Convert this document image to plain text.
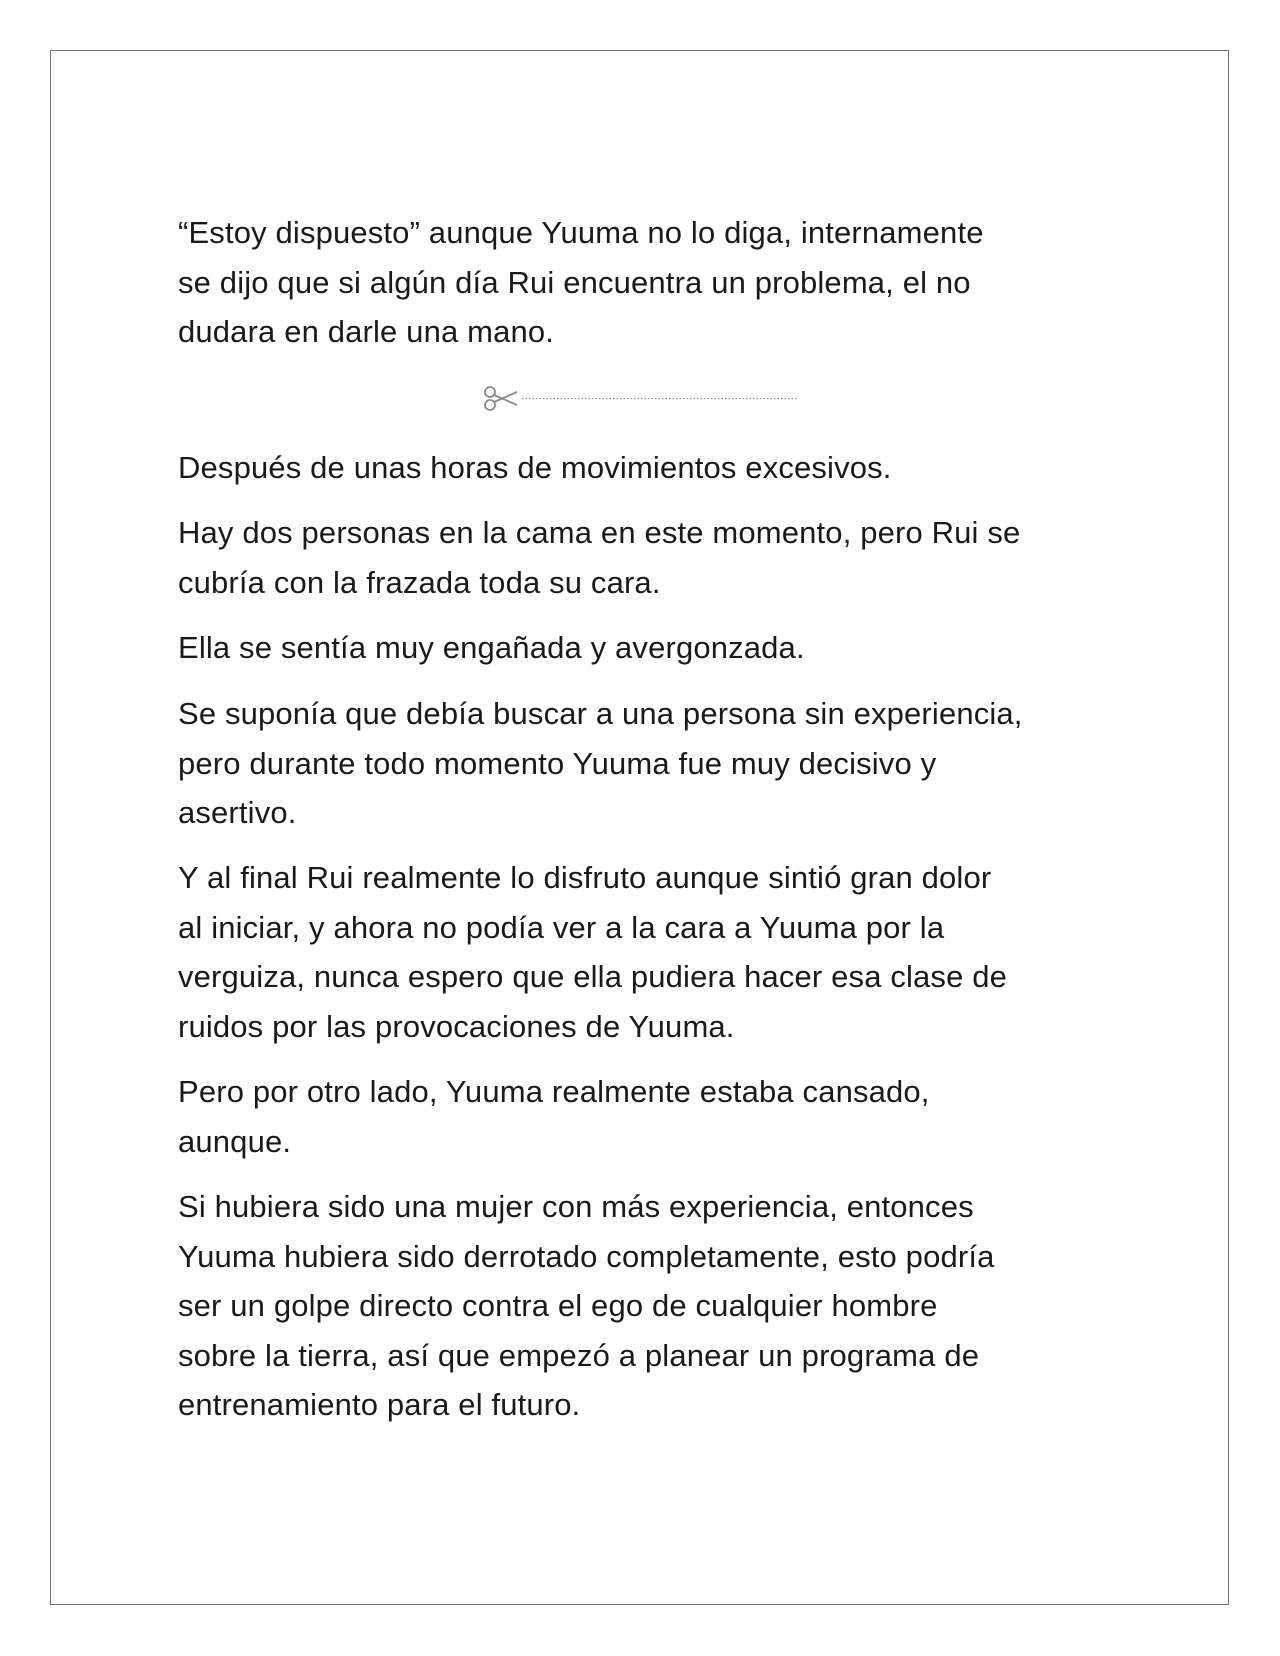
“Estoy dispuesto” aunque Yuuma no lo diga, internamente
se dijo que si algún día Rui encuentra un problema, el no
dudara en darle una mano.
Después de unas horas de movimientos excesivos.
Hay dos personas en la cama en este momento, pero Rui se
cubría con la frazada toda su cara.
Ella se sentía muy engañada y avergonzada.
Se suponía que debía buscar a una persona sin experiencia,
pero durante todo momento Yuuma fue muy decisivo y
asertivo.
Y al final Rui realmente lo disfruto aunque sintió gran dolor
al iniciar, y ahora no podía ver a la cara a Yuuma por la
verguiza, nunca espero que ella pudiera hacer esa clase de
ruidos por las provocaciones de Yuuma.
Pero por otro lado, Yuuma realmente estaba cansado,
aunque.
Si hubiera sido una mujer con más experiencia, entonces
Yuuma hubiera sido derrotado completamente, esto podría
ser un golpe directo contra el ego de cualquier hombre
sobre la tierra, así que empezó a planear un programa de
entrenamiento para el futuro.
